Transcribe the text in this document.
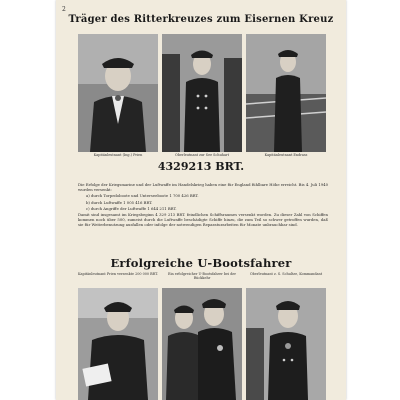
2
Träger des Ritterkreuzes zum Eisernen Kreuz
Kapitänleutnant (Ing.) Prien	Oberleutnant zur See Schuhart	Kapitänleutnant Endrass
4329213 BRT.

Die Erfolge der Kriegsmarine und der Luftwaffe im Handelskrieg haben eine für England fühlbare Höhe erreicht. Bis 4. Juli 1940 wurden versenkt:

a) durch Torpedoboote und Unterseeboote 1 700 426 BRT.

b) durch Luftwaffe 1 005 416 BRT.

c) durch Angriffe der Luftwaffe 1 644 211 BRT.

Damit sind insgesamt im Kriegsbeginn 4 329 213 BRT. feindlichen Schiffsraumes versenkt worden. Zu dieser Zahl von Schiffen kommen noch über 500, zumeist durch die Luftwaffe beschädigte Schiffe hinzu, die zum Teil so schwer getroffen wurden, daß sie für Weiterbenutzung ausfallen oder infolge der notwendigen Reparaturarbeiten für Monate unbrauchbar sind.

Erfolgreiche U-Bootsfahrer
Kapitänleutnant Prien versenkte 200 000 BRT.	Ein erfolgreicher U-Bootsfahrer bei der Rückkehr
Oberleutnant z. S. Schultze, Kommandant
